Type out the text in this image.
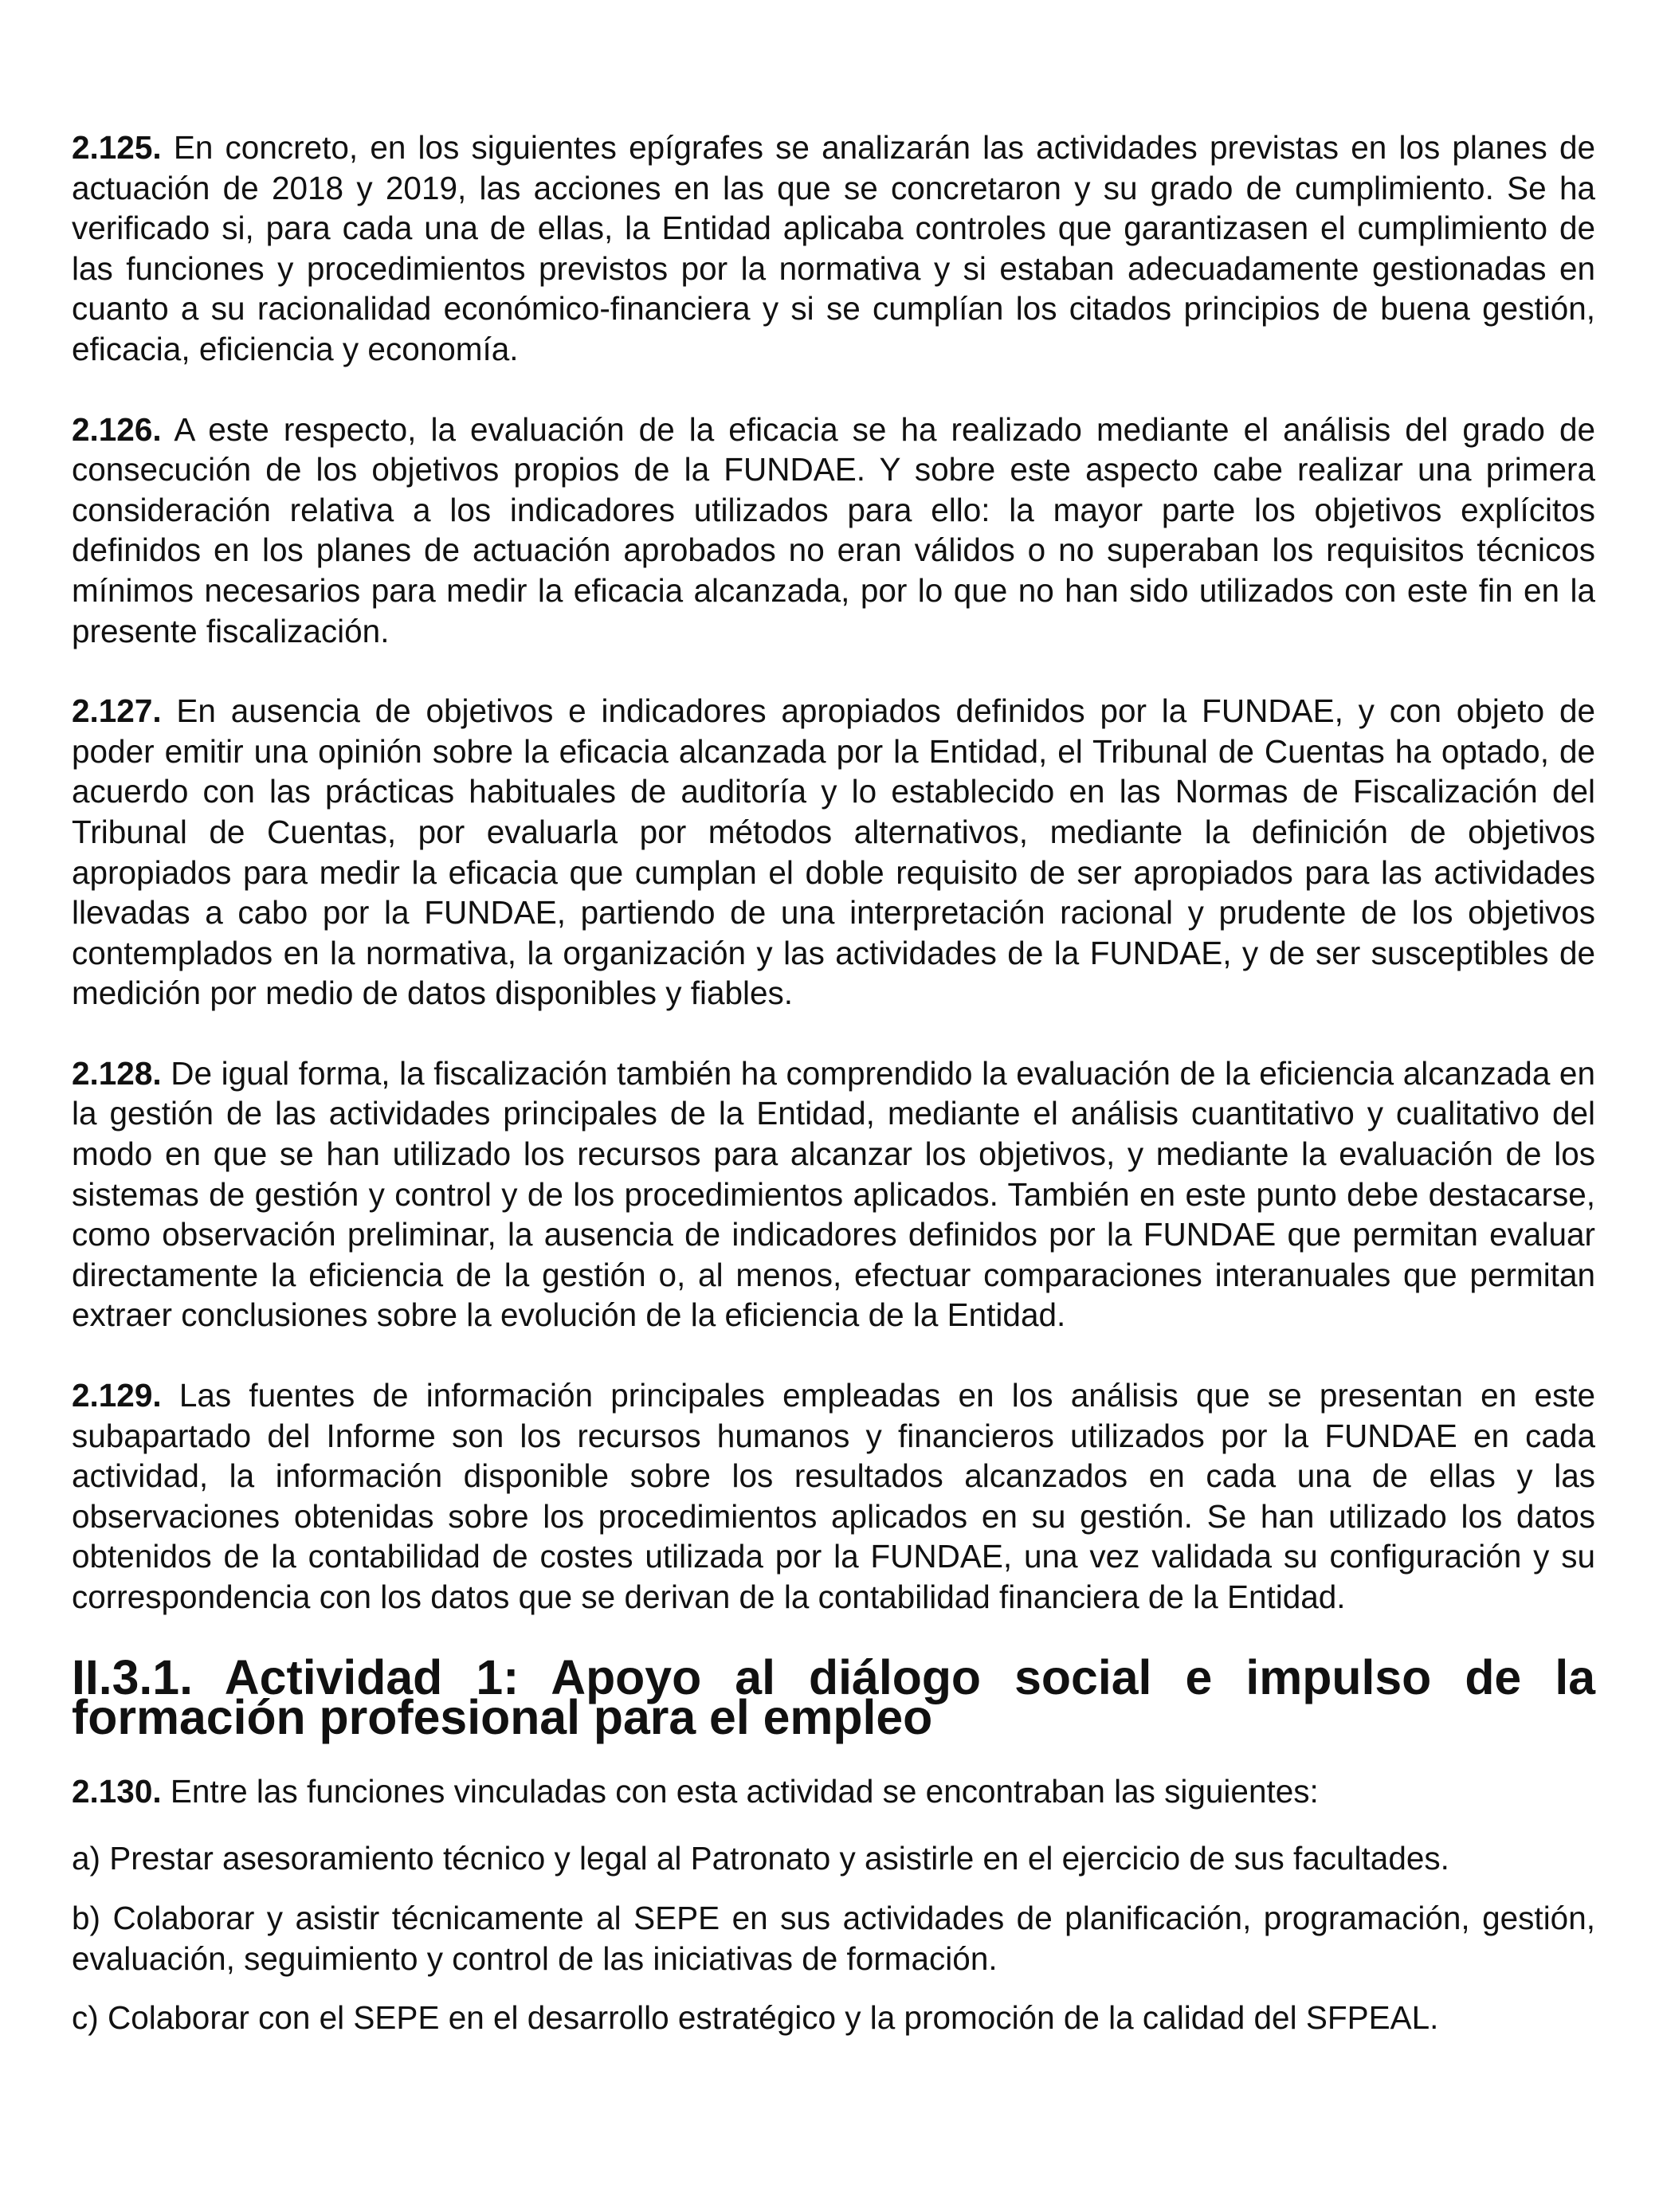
2.125. En concreto, en los siguientes epígrafes se analizarán las actividades previstas en los planes de actuación de 2018 y 2019, las acciones en las que se concretaron y su grado de cumplimiento. Se ha verificado si, para cada una de ellas, la Entidad aplicaba controles que garantizasen el cumplimiento de las funciones y procedimientos previstos por la normativa y si estaban adecuadamente gestionadas en cuanto a su racionalidad económico-financiera y si se cumplían los citados principios de buena gestión, eficacia, eficiencia y economía.

2.126. A este respecto, la evaluación de la eficacia se ha realizado mediante el análisis del grado de consecución de los objetivos propios de la FUNDAE. Y sobre este aspecto cabe realizar una primera consideración relativa a los indicadores utilizados para ello: la mayor parte los objetivos explícitos definidos en los planes de actuación aprobados no eran válidos o no superaban los requisitos técnicos mínimos necesarios para medir la eficacia alcanzada, por lo que no han sido utilizados con este fin en la presente fiscalización.

2.127. En ausencia de objetivos e indicadores apropiados definidos por la FUNDAE, y con objeto de poder emitir una opinión sobre la eficacia alcanzada por la Entidad, el Tribunal de Cuentas ha optado, de acuerdo con las prácticas habituales de auditoría y lo establecido en las Normas de Fiscalización del Tribunal de Cuentas, por evaluarla por métodos alternativos, mediante la definición de objetivos apropiados para medir la eficacia que cumplan el doble requisito de ser apropiados para las actividades llevadas a cabo por la FUNDAE, partiendo de una interpretación racional y prudente de los objetivos contemplados en la normativa, la organización y las actividades de la FUNDAE, y de ser susceptibles de medición por medio de datos disponibles y fiables.

2.128. De igual forma, la fiscalización también ha comprendido la evaluación de la eficiencia alcanzada en la gestión de las actividades principales de la Entidad, mediante el análisis cuantitativo y cualitativo del modo en que se han utilizado los recursos para alcanzar los objetivos, y mediante la evaluación de los sistemas de gestión y control y de los procedimientos aplicados. También en este punto debe destacarse, como observación preliminar, la ausencia de indicadores definidos por la FUNDAE que permitan evaluar directamente la eficiencia de la gestión o, al menos, efectuar comparaciones interanuales que permitan extraer conclusiones sobre la evolución de la eficiencia de la Entidad.

2.129. Las fuentes de información principales empleadas en los análisis que se presentan en este subapartado del Informe son los recursos humanos y financieros utilizados por la FUNDAE en cada actividad, la información disponible sobre los resultados alcanzados en cada una de ellas y las observaciones obtenidas sobre los procedimientos aplicados en su gestión. Se han utilizado los datos obtenidos de la contabilidad de costes utilizada por la FUNDAE, una vez validada su configuración y su correspondencia con los datos que se derivan de la contabilidad financiera de la Entidad.

II.3.1. Actividad 1: Apoyo al diálogo social e impulso de la formación profesional para el empleo

2.130. Entre las funciones vinculadas con esta actividad se encontraban las siguientes:

a) Prestar asesoramiento técnico y legal al Patronato y asistirle en el ejercicio de sus facultades.

b) Colaborar y asistir técnicamente al SEPE en sus actividades de planificación, programación, gestión, evaluación, seguimiento y control de las iniciativas de formación.

c) Colaborar con el SEPE en el desarrollo estratégico y la promoción de la calidad del SFPEAL.
